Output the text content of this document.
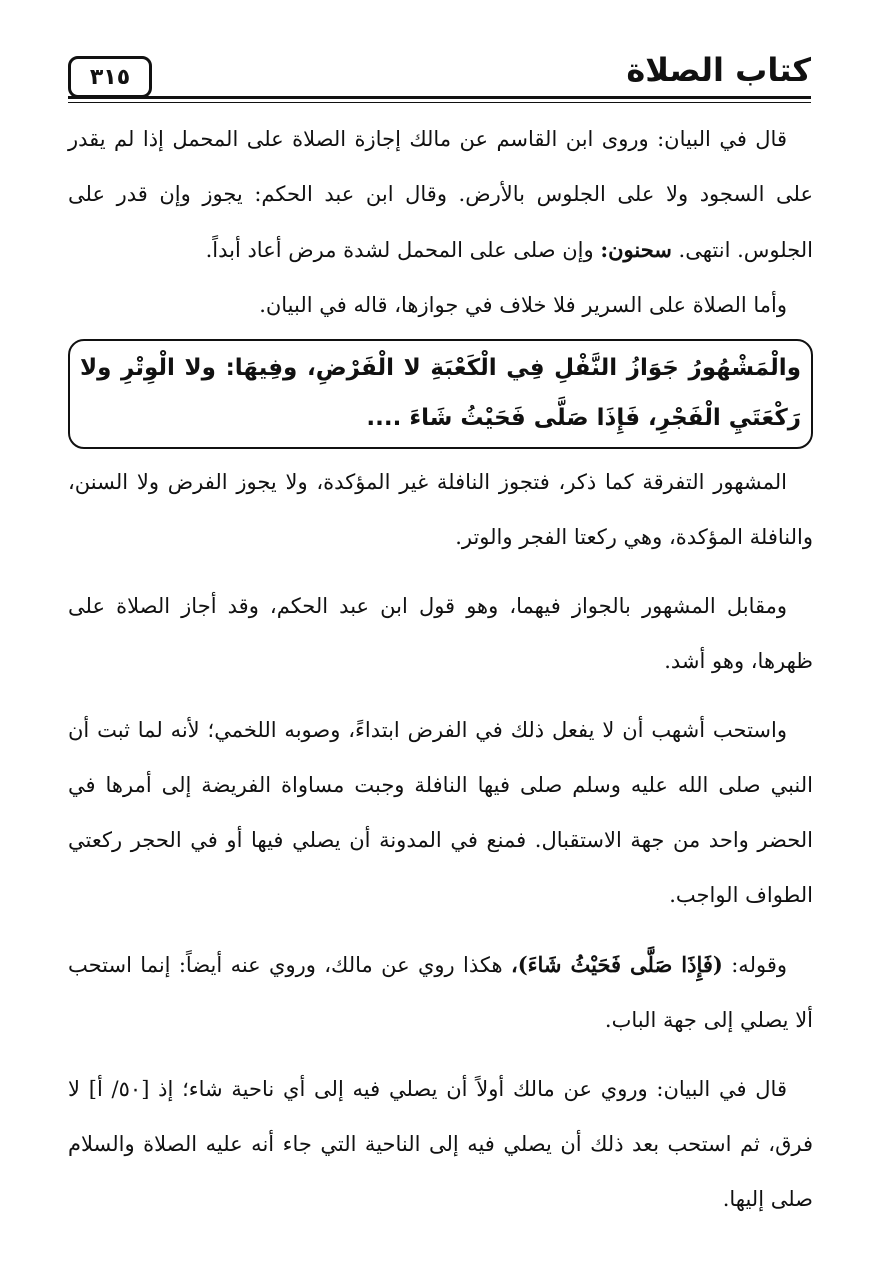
كتاب الصلاة
٣١٥

قال في البيان: وروى ابن القاسم عن مالك إجازة الصلاة على المحمل إذا لم يقدر على السجود ولا على الجلوس بالأرض. وقال ابن عبد الحكم: يجوز وإن قدر على الجلوس. انتهى. سحنون: وإن صلى على المحمل لشدة مرض أعاد أبداً.

وأما الصلاة على السرير فلا خلاف في جوازها، قاله في البيان.

والْمَشْهُورُ جَوَازُ النَّفْلِ فِي الْكَعْبَةِ لا الْفَرْضِ، وفِيهَا: ولا الْوِتْرِ ولا رَكْعَتَيِ الْفَجْرِ، فَإِذَا صَلَّى فَحَيْثُ شَاءَ ....

المشهور التفرقة كما ذكر، فتجوز النافلة غير المؤكدة، ولا يجوز الفرض ولا السنن، والنافلة المؤكدة، وهي ركعتا الفجر والوتر.

ومقابل المشهور بالجواز فيهما، وهو قول ابن عبد الحكم، وقد أجاز الصلاة على ظهرها، وهو أشد.

واستحب أشهب أن لا يفعل ذلك في الفرض ابتداءً، وصوبه اللخمي؛ لأنه لما ثبت أن النبي صلى الله عليه وسلم صلى فيها النافلة وجبت مساواة الفريضة إلى أمرها في الحضر واحد من جهة الاستقبال. فمنع في المدونة أن يصلي فيها أو في الحجر ركعتي الطواف الواجب.

وقوله: (فَإِذَا صَلَّى فَحَيْثُ شَاءَ)، هكذا روي عن مالك، وروي عنه أيضاً: إنما استحب ألا يصلي إلى جهة الباب.

قال في البيان: وروي عن مالك أولاً أن يصلي فيه إلى أي ناحية شاء؛ إذ [٥٠/ أ] لا فرق، ثم استحب بعد ذلك أن يصلي فيه إلى الناحية التي جاء أنه عليه الصلاة والسلام صلى إليها.
